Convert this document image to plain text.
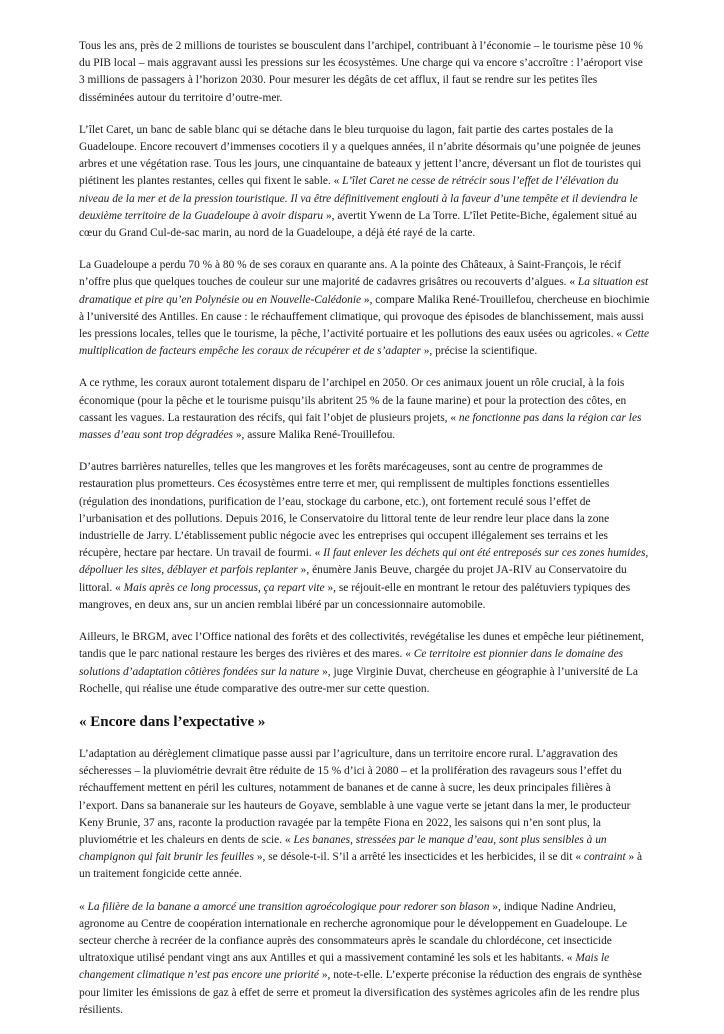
Tous les ans, près de 2 millions de touristes se bousculent dans l’archipel, contribuant à l’économie – le tourisme pèse 10 % du PIB local – mais aggravant aussi les pressions sur les écosystèmes. Une charge qui va encore s’accroître : l’aéroport vise 3 millions de passagers à l’horizon 2030. Pour mesurer les dégâts de cet afflux, il faut se rendre sur les petites îles disséminées autour du territoire d’outre-mer.

L’îlet Caret, un banc de sable blanc qui se détache dans le bleu turquoise du lagon, fait partie des cartes postales de la Guadeloupe. Encore recouvert d’immenses cocotiers il y a quelques années, il n’abrite désormais qu’une poignée de jeunes arbres et une végétation rase. Tous les jours, une cinquantaine de bateaux y jettent l’ancre, déversant un flot de touristes qui piétinent les plantes restantes, celles qui fixent le sable. « L’îlet Caret ne cesse de rétrécir sous l’effet de l’élévation du niveau de la mer et de la pression touristique. Il va être définitivement englouti à la faveur d’une tempête et il deviendra le deuxième territoire de la Guadeloupe à avoir disparu », avertit Ywenn de La Torre. L’îlet Petite-Biche, également situé au cœur du Grand Cul-de-sac marin, au nord de la Guadeloupe, a déjà été rayé de la carte.

La Guadeloupe a perdu 70 % à 80 % de ses coraux en quarante ans. A la pointe des Châteaux, à Saint-François, le récif n’offre plus que quelques touches de couleur sur une majorité de cadavres grisâtres ou recouverts d’algues. « La situation est dramatique et pire qu’en Polynésie ou en Nouvelle-Calédonie », compare Malika René-Trouillefou, chercheuse en biochimie à l’université des Antilles. En cause : le réchauffement climatique, qui provoque des épisodes de blanchissement, mais aussi les pressions locales, telles que le tourisme, la pêche, l’activité portuaire et les pollutions des eaux usées ou agricoles. « Cette multiplication de facteurs empêche les coraux de récupérer et de s’adapter », précise la scientifique.

A ce rythme, les coraux auront totalement disparu de l’archipel en 2050. Or ces animaux jouent un rôle crucial, à la fois économique (pour la pêche et le tourisme puisqu’ils abritent 25 % de la faune marine) et pour la protection des côtes, en cassant les vagues. La restauration des récifs, qui fait l’objet de plusieurs projets, « ne fonctionne pas dans la région car les masses d’eau sont trop dégradées », assure Malika René-Trouillefou.

D’autres barrières naturelles, telles que les mangroves et les forêts marécageuses, sont au centre de programmes de restauration plus prometteurs. Ces écosystèmes entre terre et mer, qui remplissent de multiples fonctions essentielles (régulation des inondations, purification de l’eau, stockage du carbone, etc.), ont fortement reculé sous l’effet de l’urbanisation et des pollutions. Depuis 2016, le Conservatoire du littoral tente de leur rendre leur place dans la zone industrielle de Jarry. L’établissement public négocie avec les entreprises qui occupent illégalement ses terrains et les récupère, hectare par hectare. Un travail de fourmi. « Il faut enlever les déchets qui ont été entreposés sur ces zones humides, dépolluer les sites, déblayer et parfois replanter », énumère Janis Beuve, chargée du projet JA-RIV au Conservatoire du littoral. « Mais après ce long processus, ça repart vite », se réjouit-elle en montrant le retour des palétuviers typiques des mangroves, en deux ans, sur un ancien remblai libéré par un concessionnaire automobile.

Ailleurs, le BRGM, avec l’Office national des forêts et des collectivités, revégétalise les dunes et empêche leur piétinement, tandis que le parc national restaure les berges des rivières et des mares. « Ce territoire est pionnier dans le domaine des solutions d’adaptation côtières fondées sur la nature », juge Virginie Duvat, chercheuse en géographie à l’université de La Rochelle, qui réalise une étude comparative des outre-mer sur cette question.

« Encore dans l’expectative »

L’adaptation au dérèglement climatique passe aussi par l’agriculture, dans un territoire encore rural. L’aggravation des sécheresses – la pluviométrie devrait être réduite de 15 % d’ici à 2080 – et la prolifération des ravageurs sous l’effet du réchauffement mettent en péril les cultures, notamment de bananes et de canne à sucre, les deux principales filières à l’export. Dans sa bananeraie sur les hauteurs de Goyave, semblable à une vague verte se jetant dans la mer, le producteur Keny Brunie, 37 ans, raconte la production ravagée par la tempête Fiona en 2022, les saisons qui n’en sont plus, la pluviométrie et les chaleurs en dents de scie. « Les bananes, stressées par le manque d’eau, sont plus sensibles à un champignon qui fait brunir les feuilles », se désole-t-il. S’il a arrêté les insecticides et les herbicides, il se dit « contraint » à un traitement fongicide cette année.

« La filière de la banane a amorcé une transition agroécologique pour redorer son blason », indique Nadine Andrieu, agronome au Centre de coopération internationale en recherche agronomique pour le développement en Guadeloupe. Le secteur cherche à recréer de la confiance auprès des consommateurs après le scandale du chlordécone, cet insecticide ultratoxique utilisé pendant vingt ans aux Antilles et qui a massivement contaminé les sols et les habitants. « Mais le changement climatique n’est pas encore une priorité », note-t-elle. L’experte préconise la réduction des engrais de synthèse pour limiter les émissions de gaz à effet de serre et promeut la diversification des systèmes agricoles afin de les rendre plus résilients.
